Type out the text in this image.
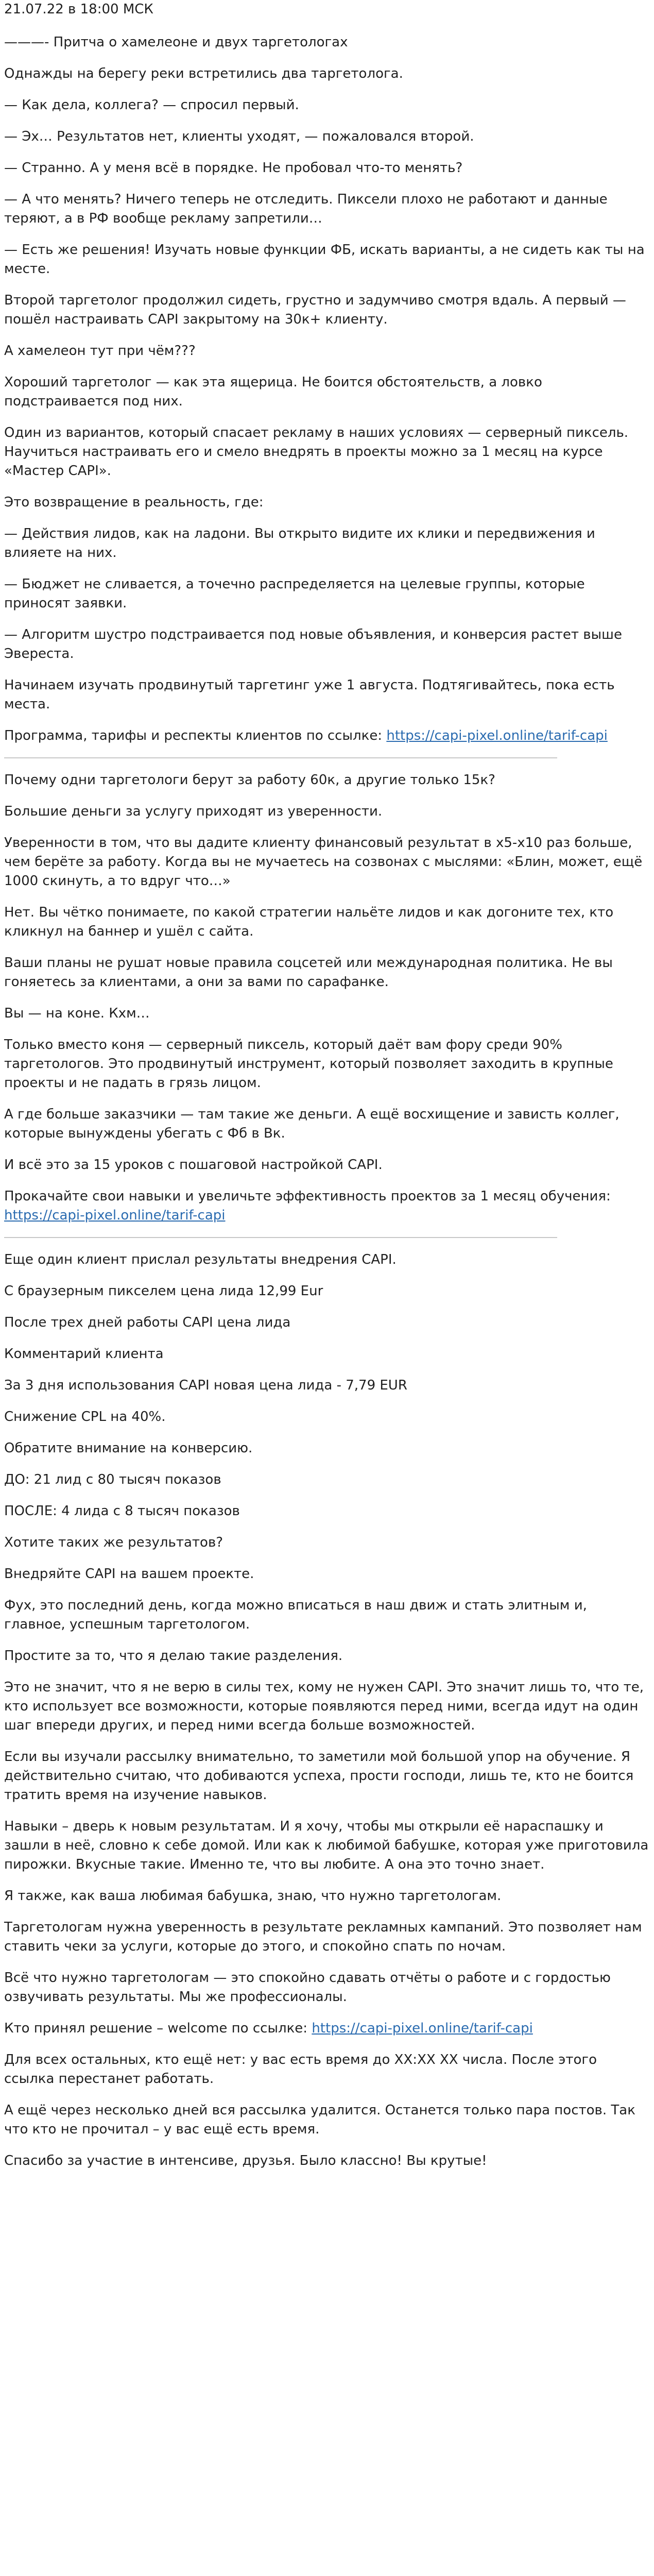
21.07.22 в 18:00 МСК

———- Притча о хамелеоне и двух таргетологах

Однажды на берегу реки встретились два таргетолога.

— Как дела, коллега? — спросил первый.

— Эх… Результатов нет, клиенты уходят, — пожаловался второй.

— Странно. А у меня всё в порядке. Не пробовал что-то менять?

— А что менять? Ничего теперь не отследить. Пиксели плохо не работают и данные теряют, а в РФ вообще рекламу запретили…

— Есть же решения! Изучать новые функции ФБ, искать варианты, а не сидеть как ты на месте.

Второй таргетолог продолжил сидеть, грустно и задумчиво смотря вдаль. А первый — пошёл настраивать CAPI закрытому на 30к+ клиенту.

А хамелеон тут при чём???

Хороший таргетолог — как эта ящерица. Не боится обстоятельств, а ловко подстраивается под них.

Один из вариантов, который спасает рекламу в наших условиях — серверный пиксель. Научиться настраивать его и смело внедрять в проекты можно за 1 месяц на курсе «Мастер CAPI».

Это возвращение в реальность, где:

— Действия лидов, как на ладони. Вы открыто видите их клики и передвижения и влияете на них.

— Бюджет не сливается, а точечно распределяется на целевые группы, которые приносят заявки.

— Алгоритм шустро подстраивается под новые объявления, и конверсия растет выше Эвереста.

Начинаем изучать продвинутый таргетинг уже 1 августа. Подтягивайтесь, пока есть места.

Программа, тарифы и респекты клиентов по ссылке: https://capi-pixel.online/tarif-capi

Почему одни таргетологи берут за работу 60к, а другие только 15к?

Большие деньги за услугу приходят из уверенности.

Уверенности в том, что вы дадите клиенту финансовый результат в х5-х10 раз больше, чем берёте за работу. Когда вы не мучаетесь на созвонах с мыслями: «Блин, может, ещё 1000 скинуть, а то вдруг что…»

Нет. Вы чётко понимаете, по какой стратегии нальёте лидов и как догоните тех, кто кликнул на баннер и ушёл с сайта.

Ваши планы не рушат новые правила соцсетей или международная политика. Не вы гоняетесь за клиентами, а они за вами по сарафанке.

Вы — на коне. Кхм…

Только вместо коня — серверный пиксель, который даёт вам фору среди 90% таргетологов. Это продвинутый инструмент, который позволяет заходить в крупные проекты и не падать в грязь лицом.

А где больше заказчики — там такие же деньги. А ещё восхищение и зависть коллег, которые вынуждены убегать с Фб в Вк.

И всё это за 15 уроков с пошаговой настройкой CAPI.

Прокачайте свои навыки и увеличьте эффективность проектов за 1 месяц обучения: https://capi-pixel.online/tarif-capi

Еще один клиент прислал результаты внедрения CAPI.

С браузерным пикселем цена лида 12,99 Eur

После трех дней работы CAPI цена лида

Комментарий клиента

За 3 дня использования CAPI новая цена лида - 7,79 EUR

Снижение CPL на 40%.

Обратите внимание на конверсию.

ДО: 21 лид с 80 тысяч показов

ПОСЛЕ: 4 лида с 8 тысяч показов

Хотите таких же результатов?

Внедряйте CAPI на вашем проекте.

Фух, это последний день, когда можно вписаться в наш движ и стать элитным и, главное, успешным таргетологом.

Простите за то, что я делаю такие разделения.

Это не значит, что я не верю в силы тех, кому не нужен CAPI. Это значит лишь то, что те, кто использует все возможности, которые появляются перед ними, всегда идут на один шаг впереди других, и перед ними всегда больше возможностей.

Если вы изучали рассылку внимательно, то заметили мой большой упор на обучение. Я действительно считаю, что добиваются успеха, прости господи, лишь те, кто не боится тратить время на изучение навыков.

Навыки – дверь к новым результатам. И я хочу, чтобы мы открыли её нараспашку и зашли в неё, словно к себе домой. Или как к любимой бабушке, которая уже приготовила пирожки. Вкусные такие. Именно те, что вы любите. А она это точно знает.

Я также, как ваша любимая бабушка, знаю, что нужно таргетологам.

Таргетологам нужна уверенность в результате рекламных кампаний. Это позволяет нам ставить чеки за услуги, которые до этого, и спокойно спать по ночам.

Всё что нужно таргетологам — это спокойно сдавать отчёты о работе и с гордостью озвучивать результаты. Мы же профессионалы.

Кто принял решение – welcome по ссылке: https://capi-pixel.online/tarif-capi

Для всех остальных, кто ещё нет: у вас есть время до ХХ:ХХ ХХ числа. После этого ссылка перестанет работать.

А ещё через несколько дней вся рассылка удалится. Останется только пара постов. Так что кто не прочитал – у вас ещё есть время.

Спасибо за участие в интенсиве, друзья. Было классно! Вы крутые!
